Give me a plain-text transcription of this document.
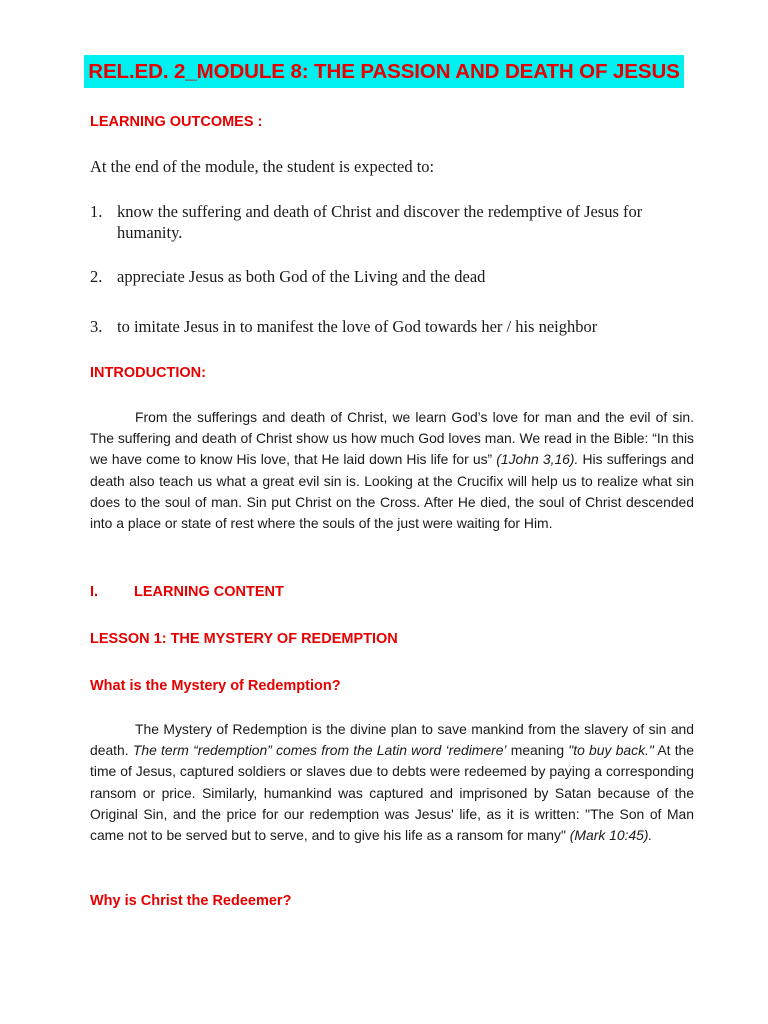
REL.ED. 2_MODULE 8: THE PASSION AND DEATH OF JESUS
LEARNING OUTCOMES :
At the end of the module, the student is expected to:
1. know the suffering and death of Christ and discover the redemptive of Jesus for
humanity.
2. appreciate Jesus as both God of the Living and the dead
3. to imitate Jesus in to manifest the love of God towards her / his neighbor
INTRODUCTION:

From the sufferings and death of Christ, we learn God’s love for man and the evil of sin. The suffering and death of Christ show us how much God loves man. We read in the Bible: “In this we have come to know His love, that He laid down His life for us” (1John 3,16). His sufferings and death also teach us what a great evil sin is. Looking at the Crucifix will help us to realize what sin does to the soul of man. Sin put Christ on the Cross. After He died, the soul of Christ descended into a place or state of rest where the souls of the just were waiting for Him.

I. LEARNING CONTENT
LESSON 1: THE MYSTERY OF REDEMPTION
What is the Mystery of Redemption?

The Mystery of Redemption is the divine plan to save mankind from the slavery of sin and death. The term “redemption” comes from the Latin word ‘redimere’ meaning "to buy back." At the time of Jesus, captured soldiers or slaves due to debts were redeemed by paying a corresponding ransom or price. Similarly, humankind was captured and imprisoned by Satan because of the Original Sin, and the price for our redemption was Jesus' life, as it is written: "The Son of Man came not to be served but to serve, and to give his life as a ransom for many" (Mark 10:45).

Why is Christ the Redeemer?
